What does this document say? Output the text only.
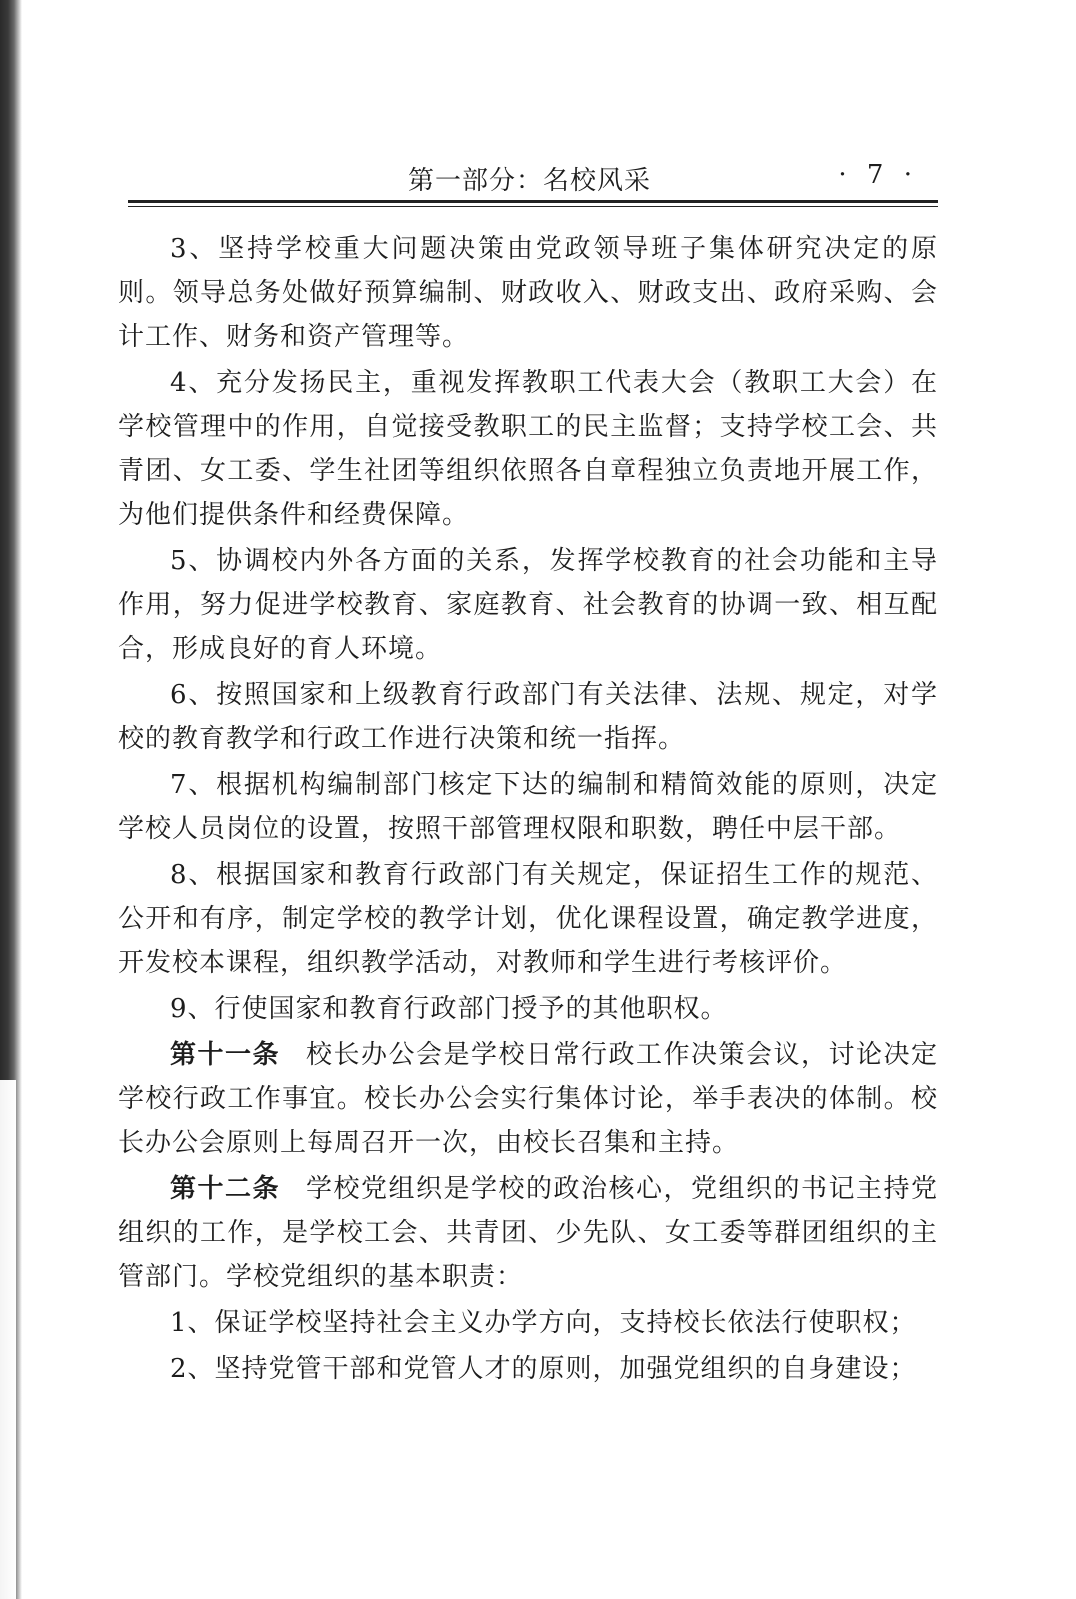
第一部分：名校风采	· 7 ·

3、坚持学校重大问题决策由党政领导班子集体研究决定的原则。领导总务处做好预算编制、财政收入、财政支出、政府采购、会计工作、财务和资产管理等。

4、充分发扬民主，重视发挥教职工代表大会（教职工大会）在学校管理中的作用，自觉接受教职工的民主监督；支持学校工会、共青团、女工委、学生社团等组织依照各自章程独立负责地开展工作，为他们提供条件和经费保障。

5、协调校内外各方面的关系，发挥学校教育的社会功能和主导作用，努力促进学校教育、家庭教育、社会教育的协调一致、相互配合，形成良好的育人环境。

6、按照国家和上级教育行政部门有关法律、法规、规定，对学校的教育教学和行政工作进行决策和统一指挥。

7、根据机构编制部门核定下达的编制和精简效能的原则，决定学校人员岗位的设置，按照干部管理权限和职数，聘任中层干部。

8、根据国家和教育行政部门有关规定，保证招生工作的规范、公开和有序，制定学校的教学计划，优化课程设置，确定教学进度，开发校本课程，组织教学活动，对教师和学生进行考核评价。

9、行使国家和教育行政部门授予的其他职权。

第十一条 校长办公会是学校日常行政工作决策会议，讨论决定学校行政工作事宜。校长办公会实行集体讨论，举手表决的体制。校长办公会原则上每周召开一次，由校长召集和主持。

第十二条 学校党组织是学校的政治核心，党组织的书记主持党组织的工作，是学校工会、共青团、少先队、女工委等群团组织的主管部门。学校党组织的基本职责：

1、保证学校坚持社会主义办学方向，支持校长依法行使职权；

2、坚持党管干部和党管人才的原则，加强党组织的自身建设；
